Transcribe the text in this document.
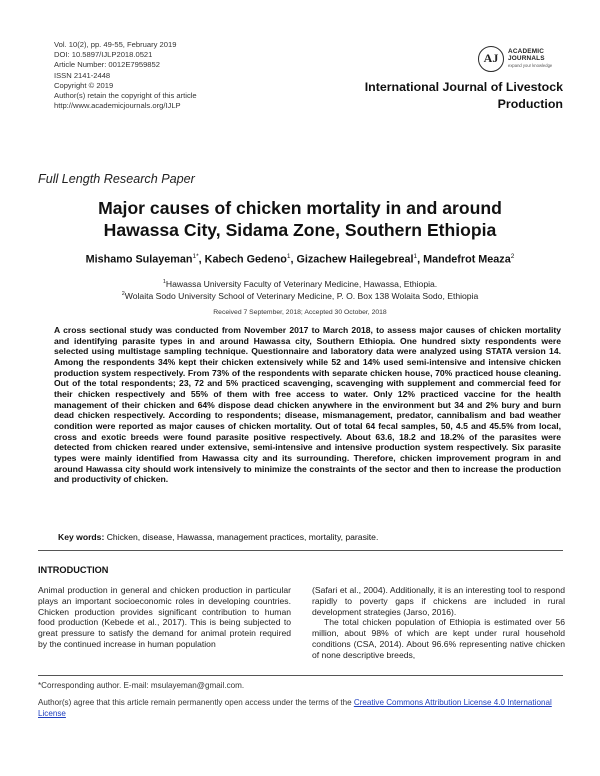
Vol. 10(2), pp. 49-55, February 2019
DOI: 10.5897/IJLP2018.0521
Article Number: 0012E7959852
ISSN 2141-2448
Copyright © 2019
Author(s) retain the copyright of this article
http://www.academicjournals.org/IJLP
AJ	ACADEMIC
JOURNALS
expand your knowledge
International Journal of Livestock
Production
Full Length Research Paper
Major causes of chicken mortality in and around
Hawassa City, Sidama Zone, Southern Ethiopia
Mishamo Sulayeman$^{1*}$, Kabech Gedeno$^1$, Gizachew Hailegebreal$^1$, Mandefrot Meaza$^2$
$^1$Hawassa University Faculty of Veterinary Medicine, Hawassa, Ethiopia.
$^2$Wolaita Sodo University School of Veterinary Medicine, P. O. Box 138 Wolaita Sodo, Ethiopia
Received 7 September, 2018; Accepted 30 October, 2018
A cross sectional study was conducted from November 2017 to March 2018, to assess major causes of chicken mortality and identifying parasite types in and around Hawassa city, Southern Ethiopia. One hundred sixty respondents were selected using multistage sampling technique. Questionnaire and laboratory data were analyzed using STATA version 14. Among the respondents 34% kept their chicken extensively while 52 and 14% used semi-intensive and intensive chicken production system respectively. From 73% of the respondents with separate chicken house, 70% practiced house cleaning. Out of the total respondents; 23, 72 and 5% practiced scavenging, scavenging with supplement and commercial feed for their chicken respectively and 55% of them with free access to water. Only 12% practiced vaccine for the health management of their chicken and 64% dispose dead chicken anywhere in the environment but 34 and 2% bury and burn dead chicken respectively. According to respondents; disease, mismanagement, predator, cannibalism and bad weather condition were reported as major causes of chicken mortality. Out of total 64 fecal samples, 50, 4.5 and 45.5% from local, cross and exotic breeds were found parasite positive respectively. About 63.6, 18.2 and 18.2% of the parasites were detected from chicken reared under extensive, semi-intensive and intensive production system respectively. Six parasite types were mainly identified from Hawassa city and its surrounding. Therefore, chicken improvement program in and around Hawassa city should work intensively to minimize the constraints of the sector and then to increase the production and productivity of chicken.
Key words: Chicken, disease, Hawassa, management practices, mortality, parasite.
INTRODUCTION

Animal production in general and chicken production in particular plays an important socioeconomic roles in developing countries. Chicken production provides significant contribution to human food production (Kebede et al., 2017). This is being subjected to great pressure to satisfy the demand for animal protein required by the continued increase in human population

(Safari et al., 2004). Additionally, it is an interesting tool to respond rapidly to poverty gaps if chickens are included in rural development strategies (Jarso, 2016).

The total chicken population of Ethiopia is estimated over 56 million, about 98% of which are kept under rural household conditions (CSA, 2014). About 96.6% representing native chicken of none descriptive breeds,

*Corresponding author. E-mail: msulayeman@gmail.com.
Author(s) agree that this article remain permanently open access under the terms of the Creative Commons Attribution License 4.0 International License
